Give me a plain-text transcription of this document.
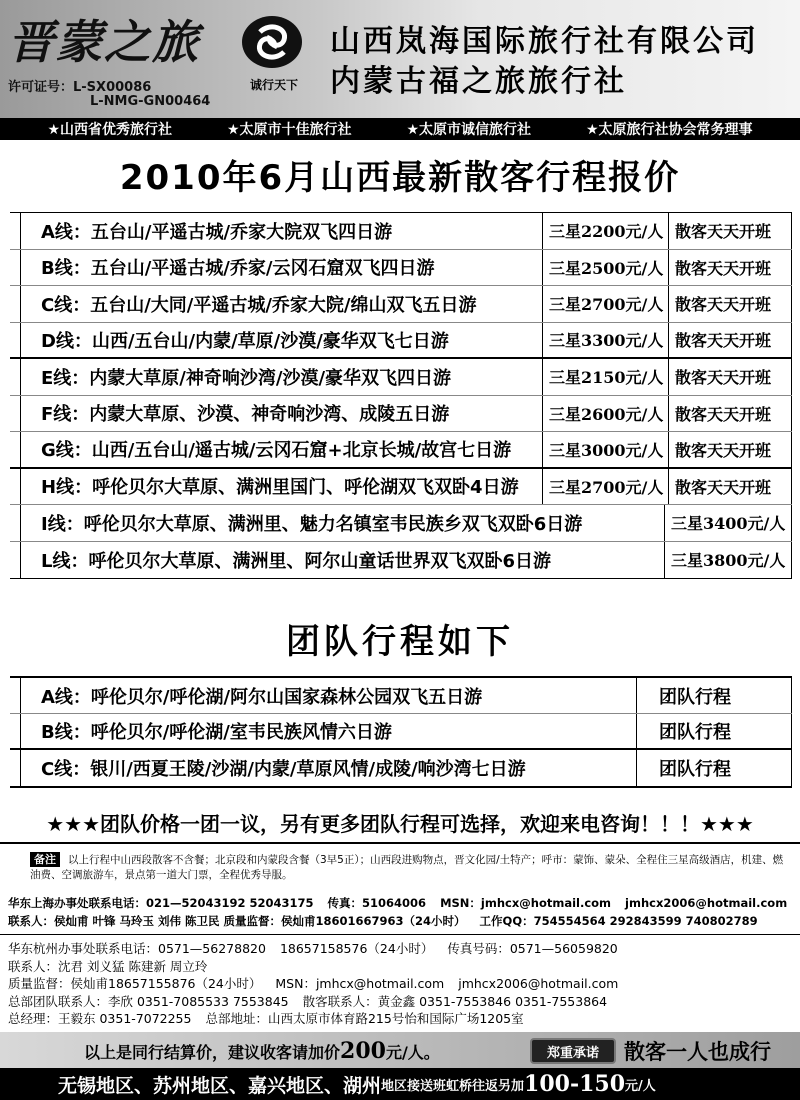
晋蒙之旅
许可证号：L-SX00086
L-NMG-GN00464
诚行天下
山西岚海国际旅行社有限公司
内蒙古福之旅旅行社
★山西省优秀旅行社	★太原市十佳旅行社	★太原市诚信旅行社	★太原旅行社协会常务理事
2010年6月山西最新散客行程报价
A线：五台山/平遥古城/乔家大院双飞四日游	三星2200元/人 散客天天开班
B线：五台山/平遥古城/乔家/云冈石窟双飞四日游	三星2500元/人 散客天天开班
C线：五台山/大同/平遥古城/乔家大院/绵山双飞五日游	三星2700元/人 散客天天开班
D线：山西/五台山/内蒙/草原/沙漠/豪华双飞七日游	三星3300元/人 散客天天开班
E线：内蒙大草原/神奇响沙湾/沙漠/豪华双飞四日游	三星2150元/人 散客天天开班
F线：内蒙大草原、沙漠、神奇响沙湾、成陵五日游	三星2600元/人 散客天天开班
G线：山西/五台山/遥古城/云冈石窟+北京长城/故宫七日游	三星3000元/人 散客天天开班
H线：呼伦贝尔大草原、满洲里国门、呼伦湖双飞双卧4日游	三星2700元/人 散客天天开班
I线：呼伦贝尔大草原、满洲里、魅力名镇室韦民族乡双飞双卧6日游	三星3400元/人
L线：呼伦贝尔大草原、满洲里、阿尔山童话世界双飞双卧6日游	三星3800元/人
团队行程如下
A线：呼伦贝尔/呼伦湖/阿尔山国家森林公园双飞五日游	团队行程
B线：呼伦贝尔/呼伦湖/室韦民族风情六日游	团队行程
C线：银川/西夏王陵/沙湖/内蒙/草原风情/成陵/响沙湾七日游	团队行程
★★★团队价格一团一议，另有更多团队行程可选择，欢迎来电咨询！！！★★★
备注 以上行程中山西段散客不含餐；北京段和内蒙段含餐（3早5正）；山西段进购物点，晋文化园/土特产；呼市：蒙饰、蒙朵、全程住三星高级酒店，机建、燃油费、空调旅游车，景点第一道大门票，全程优秀导服。
华东上海办事处联系电话：021—52043192 52043175 传真：51064006 MSN：jmhcx@hotmail.com jmhcx2006@hotmail.com
联系人：侯灿甫 叶锋 马玲玉 刘伟 陈卫民 质量监督：侯灿甫18601667963（24小时） 工作QQ：754554564 292843599 740802789
华东杭州办事处联系电话：0571—56278820 18657158576（24小时） 传真号码：0571—56059820
联系人：沈君 刘义猛 陈建新 周立玲
质量监督：侯灿甫18657155876（24小时） MSN：jmhcx@hotmail.com jmhcx2006@hotmail.com
总部团队联系人：李欣 0351-7085533 7553845 散客联系人：黄金鑫 0351-7553846 0351-7553864
总经理：王毅东 0351-7072255 总部地址：山西太原市体育路215号怡和国际广场1205室
以上是同行结算价，建议收客请加价200元/人。	郑重承诺	散客一人也成行
无锡地区、苏州地区、嘉兴地区、湖州 地区接送班虹桥往返另加 100-150 元/人
